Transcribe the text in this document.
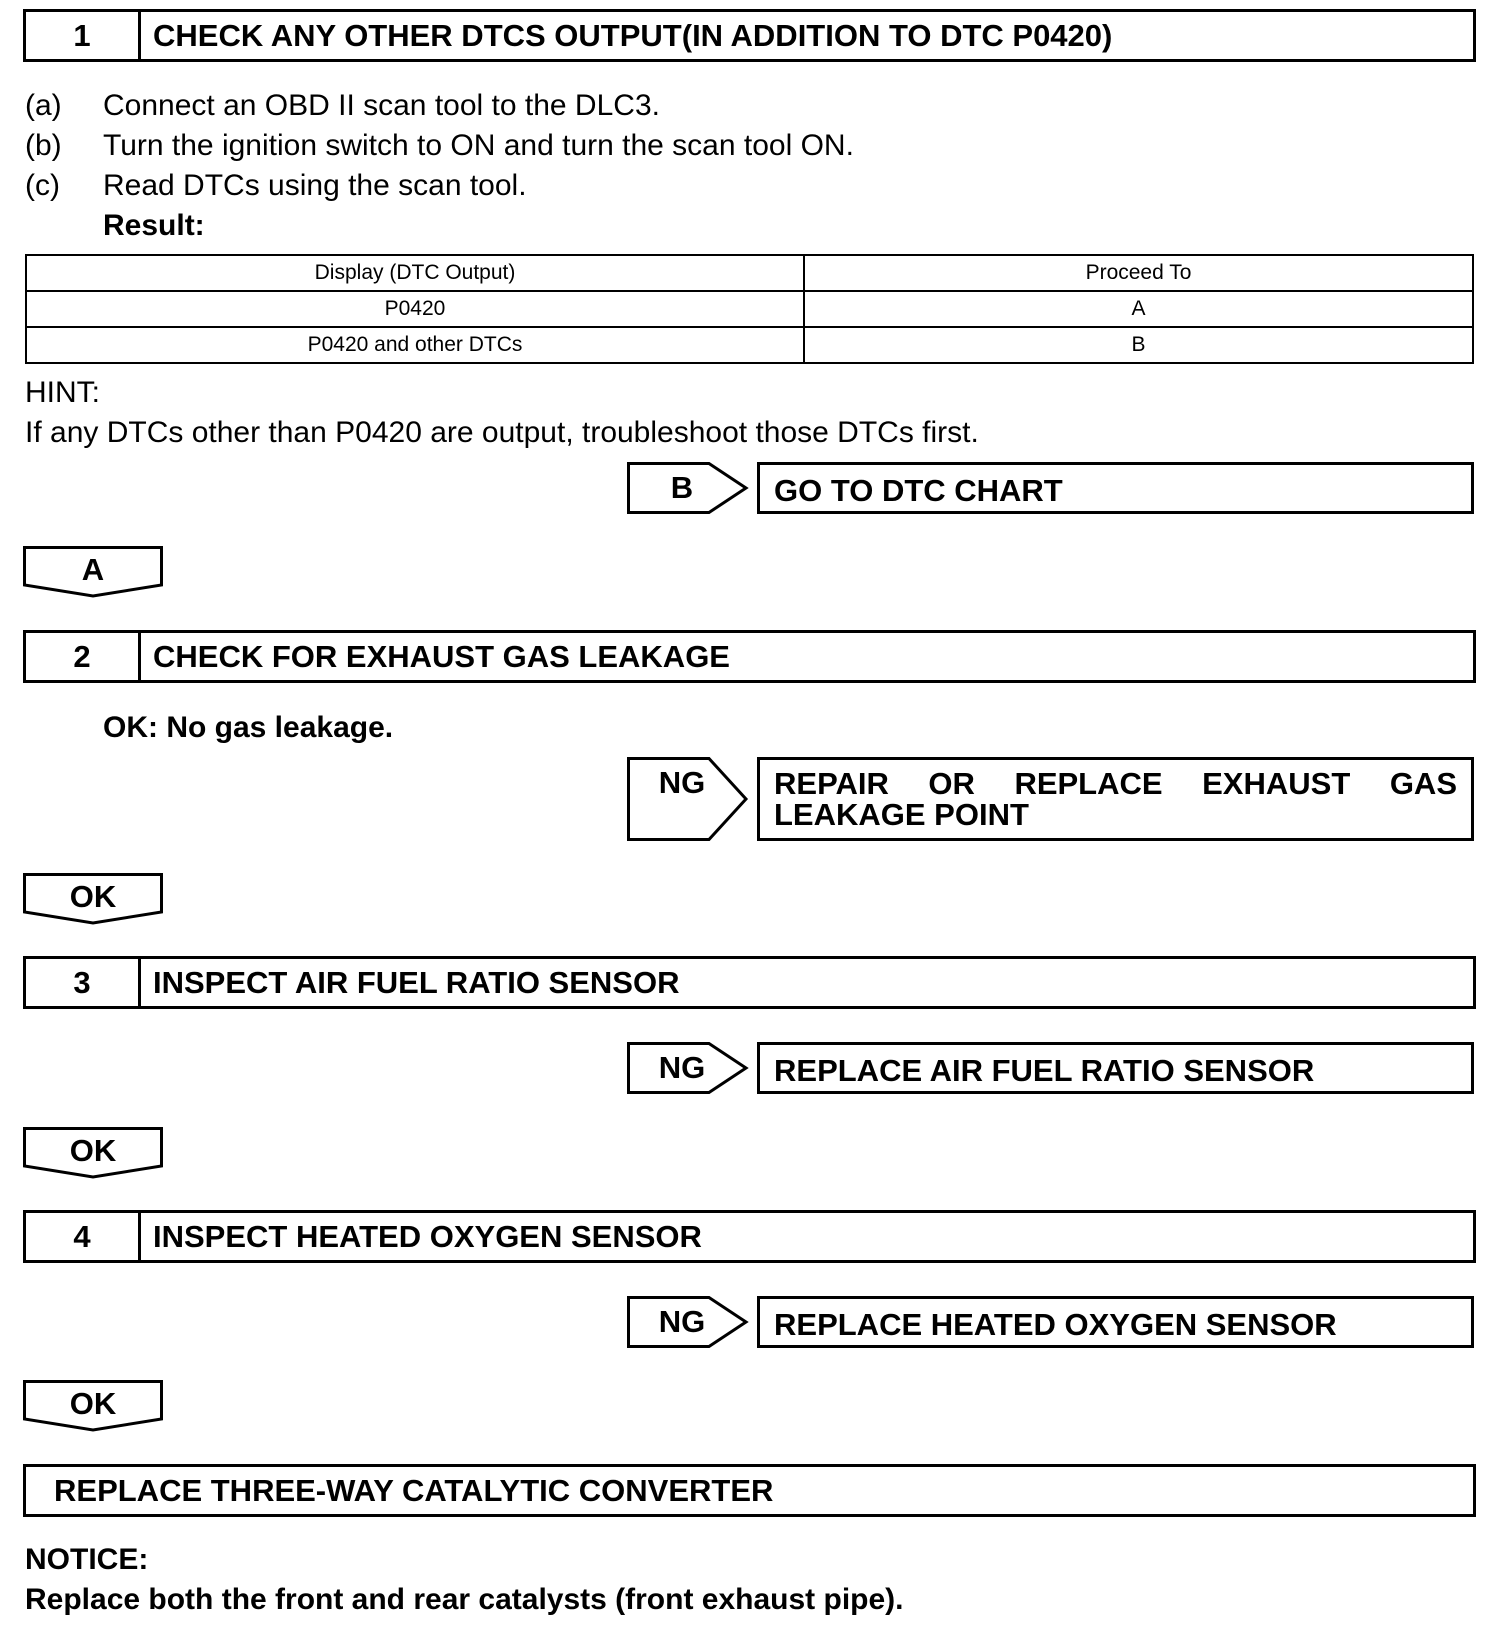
1	CHECK ANY OTHER DTCS OUTPUT(IN ADDITION TO DTC P0420)
(a) Connect an OBD II scan tool to the DLC3.
(b) Turn the ignition switch to ON and turn the scan tool ON.
(c) Read DTCs using the scan tool.
Result:
Display (DTC Output)	Proceed To
P0420	A
P0420 and other DTCs	B
HINT:
If any DTCs other than P0420 are output, troubleshoot those DTCs first.
B	GO TO DTC CHART
A
2	CHECK FOR EXHAUST GAS LEAKAGE
OK: No gas leakage.
NG	REPAIR OR REPLACE EXHAUST GAS LEAKAGE POINT
OK
3	INSPECT AIR FUEL RATIO SENSOR
NG	REPLACE AIR FUEL RATIO SENSOR
OK
4	INSPECT HEATED OXYGEN SENSOR
NG	REPLACE HEATED OXYGEN SENSOR
OK
REPLACE THREE-WAY CATALYTIC CONVERTER
NOTICE:
Replace both the front and rear catalysts (front exhaust pipe).
